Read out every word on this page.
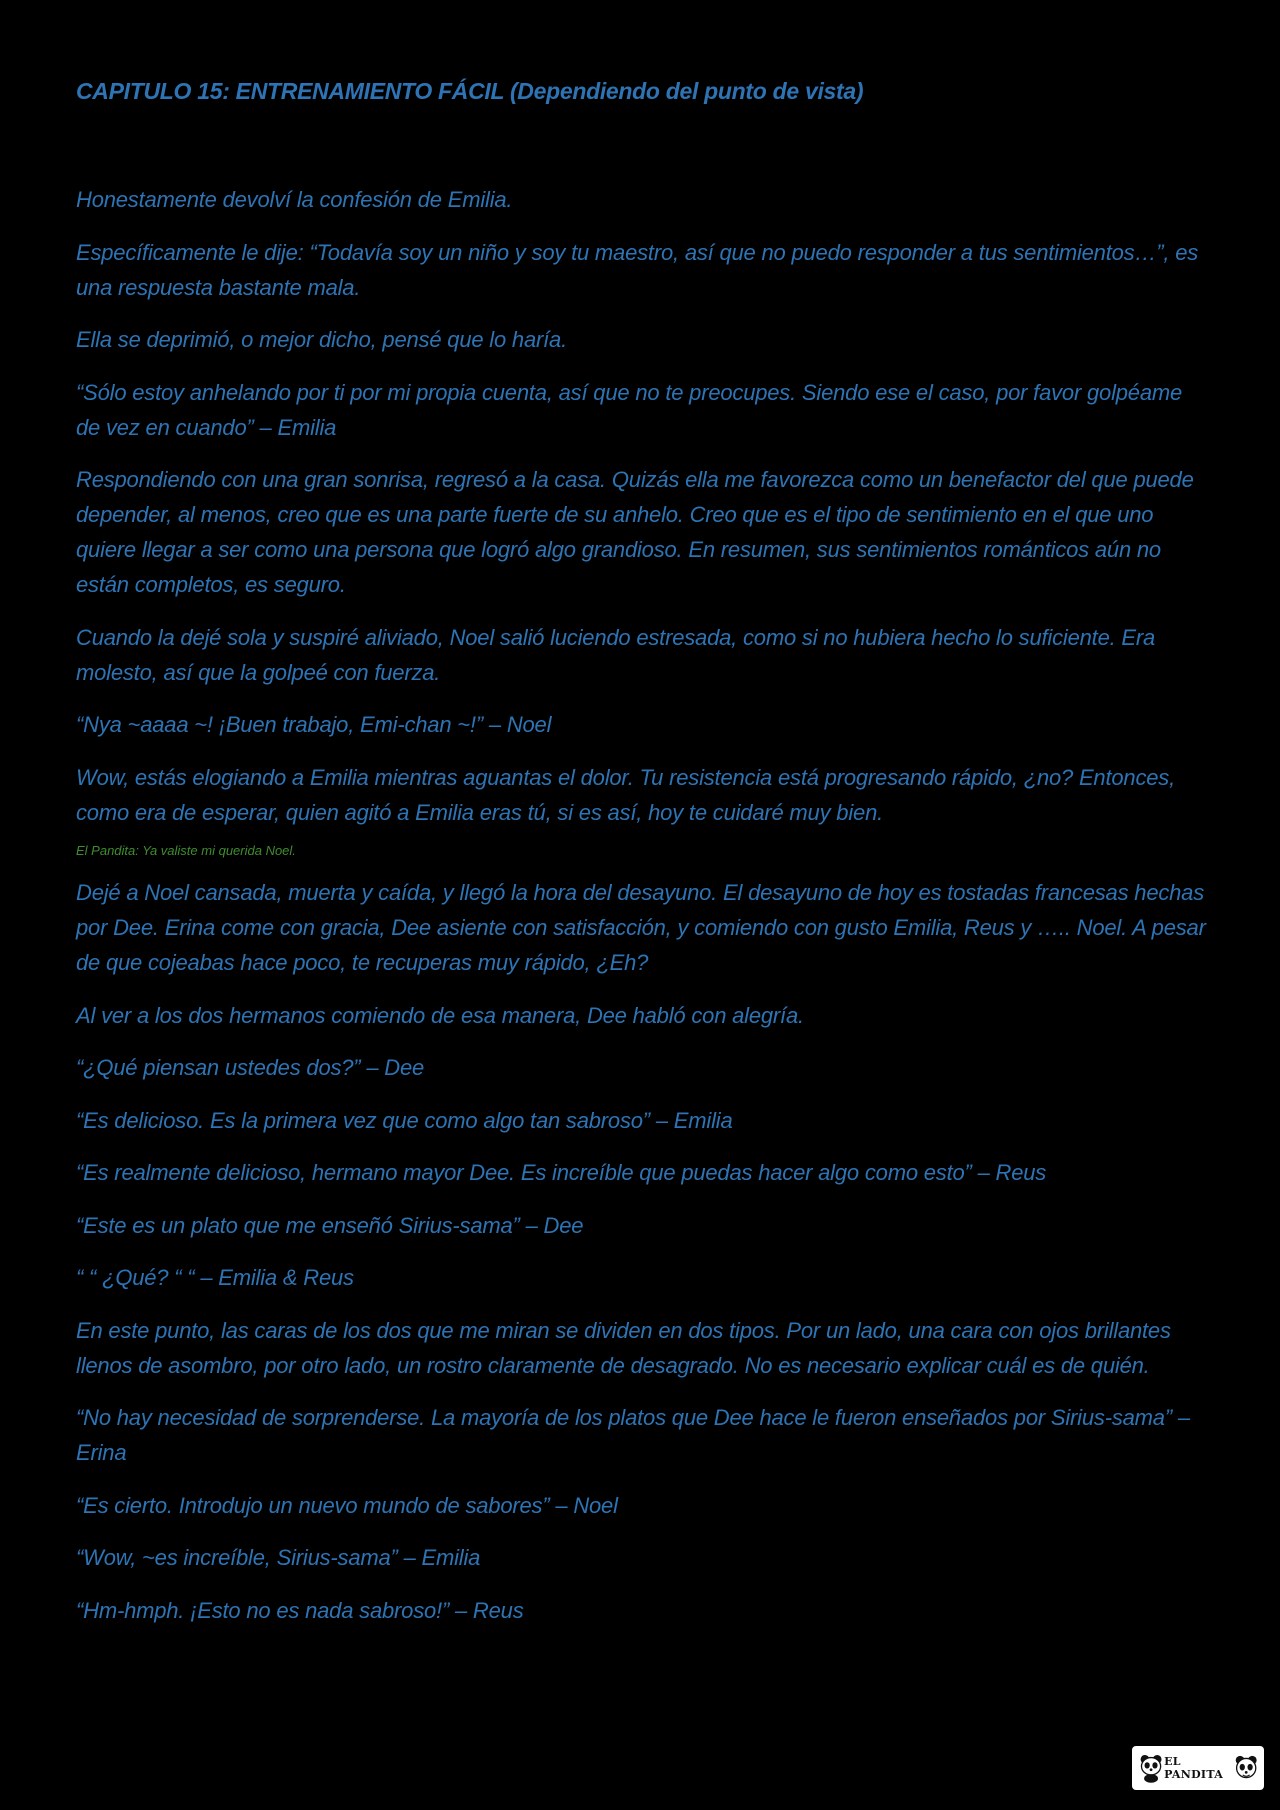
CAPITULO 15: ENTRENAMIENTO FÁCIL (Dependiendo del punto de vista)

Honestamente devolví la confesión de Emilia.

Específicamente le dije: “Todavía soy un niño y soy tu maestro, así que no puedo responder a tus sentimientos…”, es una respuesta bastante mala.

Ella se deprimió, o mejor dicho, pensé que lo haría.

“Sólo estoy anhelando por ti por mi propia cuenta, así que no te preocupes. Siendo ese el caso, por favor golpéame de vez en cuando” – Emilia

Respondiendo con una gran sonrisa, regresó a la casa. Quizás ella me favorezca como un benefactor del que puede depender, al menos, creo que es una parte fuerte de su anhelo. Creo que es el tipo de sentimiento en el que uno quiere llegar a ser como una persona que logró algo grandioso. En resumen, sus sentimientos románticos aún no están completos, es seguro.

Cuando la dejé sola y suspiré aliviado, Noel salió luciendo estresada, como si no hubiera hecho lo suficiente. Era molesto, así que la golpeé con fuerza.

“Nya ~aaaa ~! ¡Buen trabajo, Emi-chan ~!” – Noel

Wow, estás elogiando a Emilia mientras aguantas el dolor. Tu resistencia está progresando rápido, ¿no? Entonces, como era de esperar, quien agitó a Emilia eras tú, si es así, hoy te cuidaré muy bien.

El Pandita: Ya valiste mi querida Noel.

Dejé a Noel cansada, muerta y caída, y llegó la hora del desayuno. El desayuno de hoy es tostadas francesas hechas por Dee. Erina come con gracia, Dee asiente con satisfacción, y comiendo con gusto Emilia, Reus y ….. Noel. A pesar de que cojeabas hace poco, te recuperas muy rápido, ¿Eh?

Al ver a los dos hermanos comiendo de esa manera, Dee habló con alegría.

“¿Qué piensan ustedes dos?” – Dee

“Es delicioso. Es la primera vez que como algo tan sabroso” – Emilia

“Es realmente delicioso, hermano mayor Dee. Es increíble que puedas hacer algo como esto” – Reus

“Este es un plato que me enseñó Sirius-sama” – Dee

“ “ ¿Qué? “ “ – Emilia & Reus

En este punto, las caras de los dos que me miran se dividen en dos tipos. Por un lado, una cara con ojos brillantes llenos de asombro, por otro lado, un rostro claramente de desagrado. No es necesario explicar cuál es de quién.

“No hay necesidad de sorprenderse. La mayoría de los platos que Dee hace le fueron enseñados por Sirius-sama” – Erina

“Es cierto. Introdujo un nuevo mundo de sabores” – Noel

“Wow, ~es increíble, Sirius-sama” – Emilia

“Hm-hmph. ¡Esto no es nada sabroso!” – Reus

EL PANDITA
